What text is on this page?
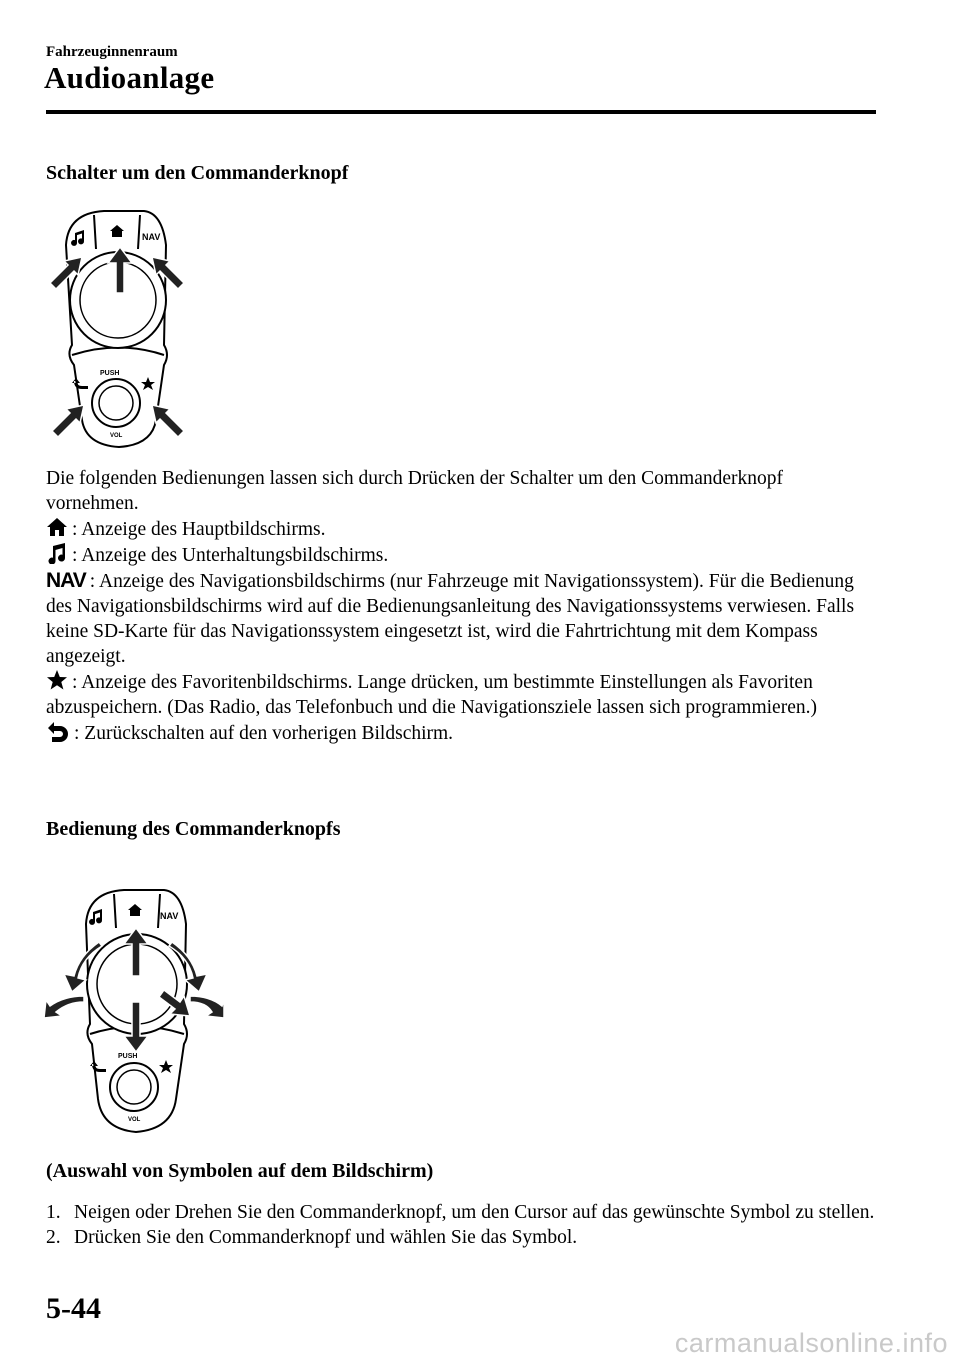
Fahrzeuginnenraum
Audioanlage
Schalter um den Commanderknopf
NAV
PUSH
VOL

Die folgenden Bedienungen lassen sich durch Drücken der Schalter um den Commanderknopf vornehmen.

: Anzeige des Hauptbildschirms.

: Anzeige des Unterhaltungsbildschirms.

NAV : Anzeige des Navigationsbildschirms (nur Fahrzeuge mit Navigationssystem). Für die Bedienung des Navigationsbildschirms wird auf die Bedienungsanleitung des Navigationssystems verwiesen. Falls keine SD-Karte für das Navigationssystem eingesetzt ist, wird die Fahrtrichtung mit dem Kompass angezeigt.

: Anzeige des Favoritenbildschirms. Lange drücken, um bestimmte Einstellungen als Favoriten abzuspeichern. (Das Radio, das Telefonbuch und die Navigationsziele lassen sich programmieren.)

: Zurückschalten auf den vorherigen Bildschirm.

Bedienung des Commanderknopfs
NAV
PUSH
VOL
(Auswahl von Symbolen auf dem Bildschirm)
1. Neigen oder Drehen Sie den Commanderknopf, um den Cursor auf das gewünschte Symbol zu stellen.
2. Drücken Sie den Commanderknopf und wählen Sie das Symbol.
5-44
carmanualsonline.info
